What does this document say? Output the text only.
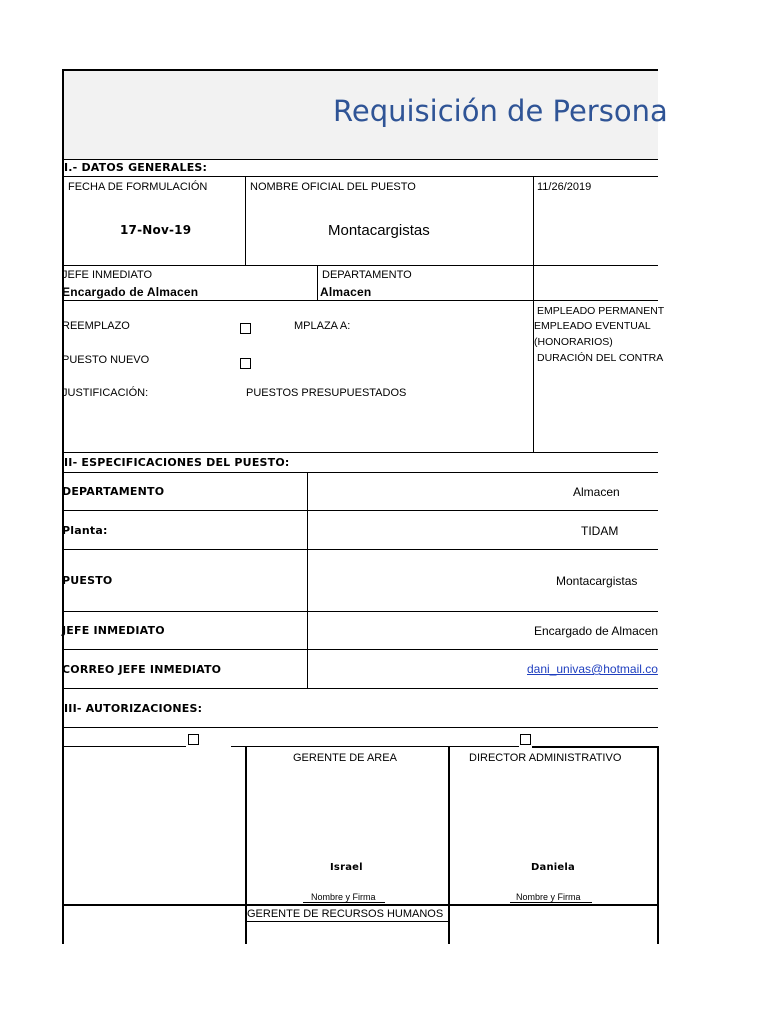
Requisición de Persona
I.- DATOS GENERALES:
FECHA DE FORMULACIÓN	NOMBRE OFICIAL DEL PUESTO	11/26/2019
17-Nov-19	Montacargistas
JEFE INMEDIATO	DEPARTAMENTO
Encargado de Almacen	Almacen
REEMPLAZO	MPLAZA A:
PUESTO NUEVO
JUSTIFICACIÓN:	PUESTOS PRESUPUESTADOS
EMPLEADO PERMANENT
EMPLEADO EVENTUAL
(HONORARIOS)
DURACIÓN DEL CONTRA
II- ESPECIFICACIONES DEL PUESTO:
DEPARTAMENTO	Almacen
Planta:	TIDAM
PUESTO	Montacargistas
JEFE INMEDIATO	Encargado de Almacen
CORREO JEFE INMEDIATO	dani_univas@hotmail.co
III- AUTORIZACIONES:
GERENTE DE AREA	DIRECTOR ADMINISTRATIVO
Israel	Daniela
Nombre y Firma	Nombre y Firma
GERENTE DE RECURSOS HUMANOS
